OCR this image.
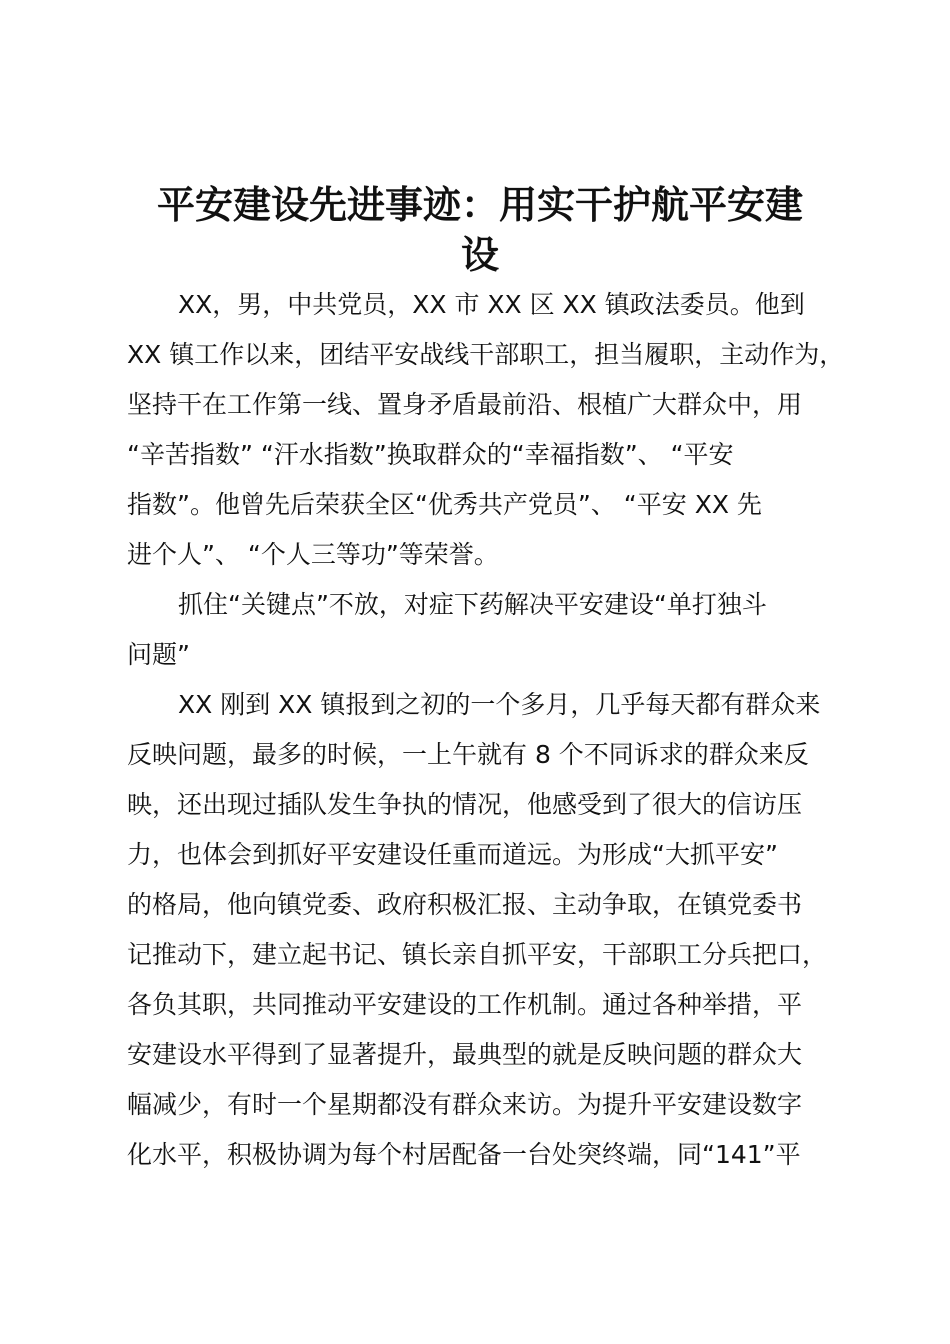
平安建设先进事迹：用实干护航平安建
设

XX，男，中共党员，XX 市 XX 区 XX 镇政法委员。他到
XX 镇工作以来，团结平安战线干部职工，担当履职，主动作为，
坚持干在工作第一线、置身矛盾最前沿、根植广大群众中，用
“辛苦指数” “汗水指数”换取群众的“幸福指数”、 “平安
指数”。他曾先后荣获全区“优秀共产党员”、 “平安 XX 先
进个人”、 “个人三等功”等荣誉。

抓住“关键点”不放，对症下药解决平安建设“单打独斗
问题”

XX 刚到 XX 镇报到之初的一个多月，几乎每天都有群众来
反映问题，最多的时候，一上午就有 8 个不同诉求的群众来反
映，还出现过插队发生争执的情况，他感受到了很大的信访压
力，也体会到抓好平安建设任重而道远。为形成“大抓平安”
的格局，他向镇党委、政府积极汇报、主动争取，在镇党委书
记推动下，建立起书记、镇长亲自抓平安，干部职工分兵把口，
各负其职，共同推动平安建设的工作机制。通过各种举措，平
安建设水平得到了显著提升，最典型的就是反映问题的群众大
幅减少，有时一个星期都没有群众来访。为提升平安建设数字
化水平，积极协调为每个村居配备一台处突终端，同“141”平
